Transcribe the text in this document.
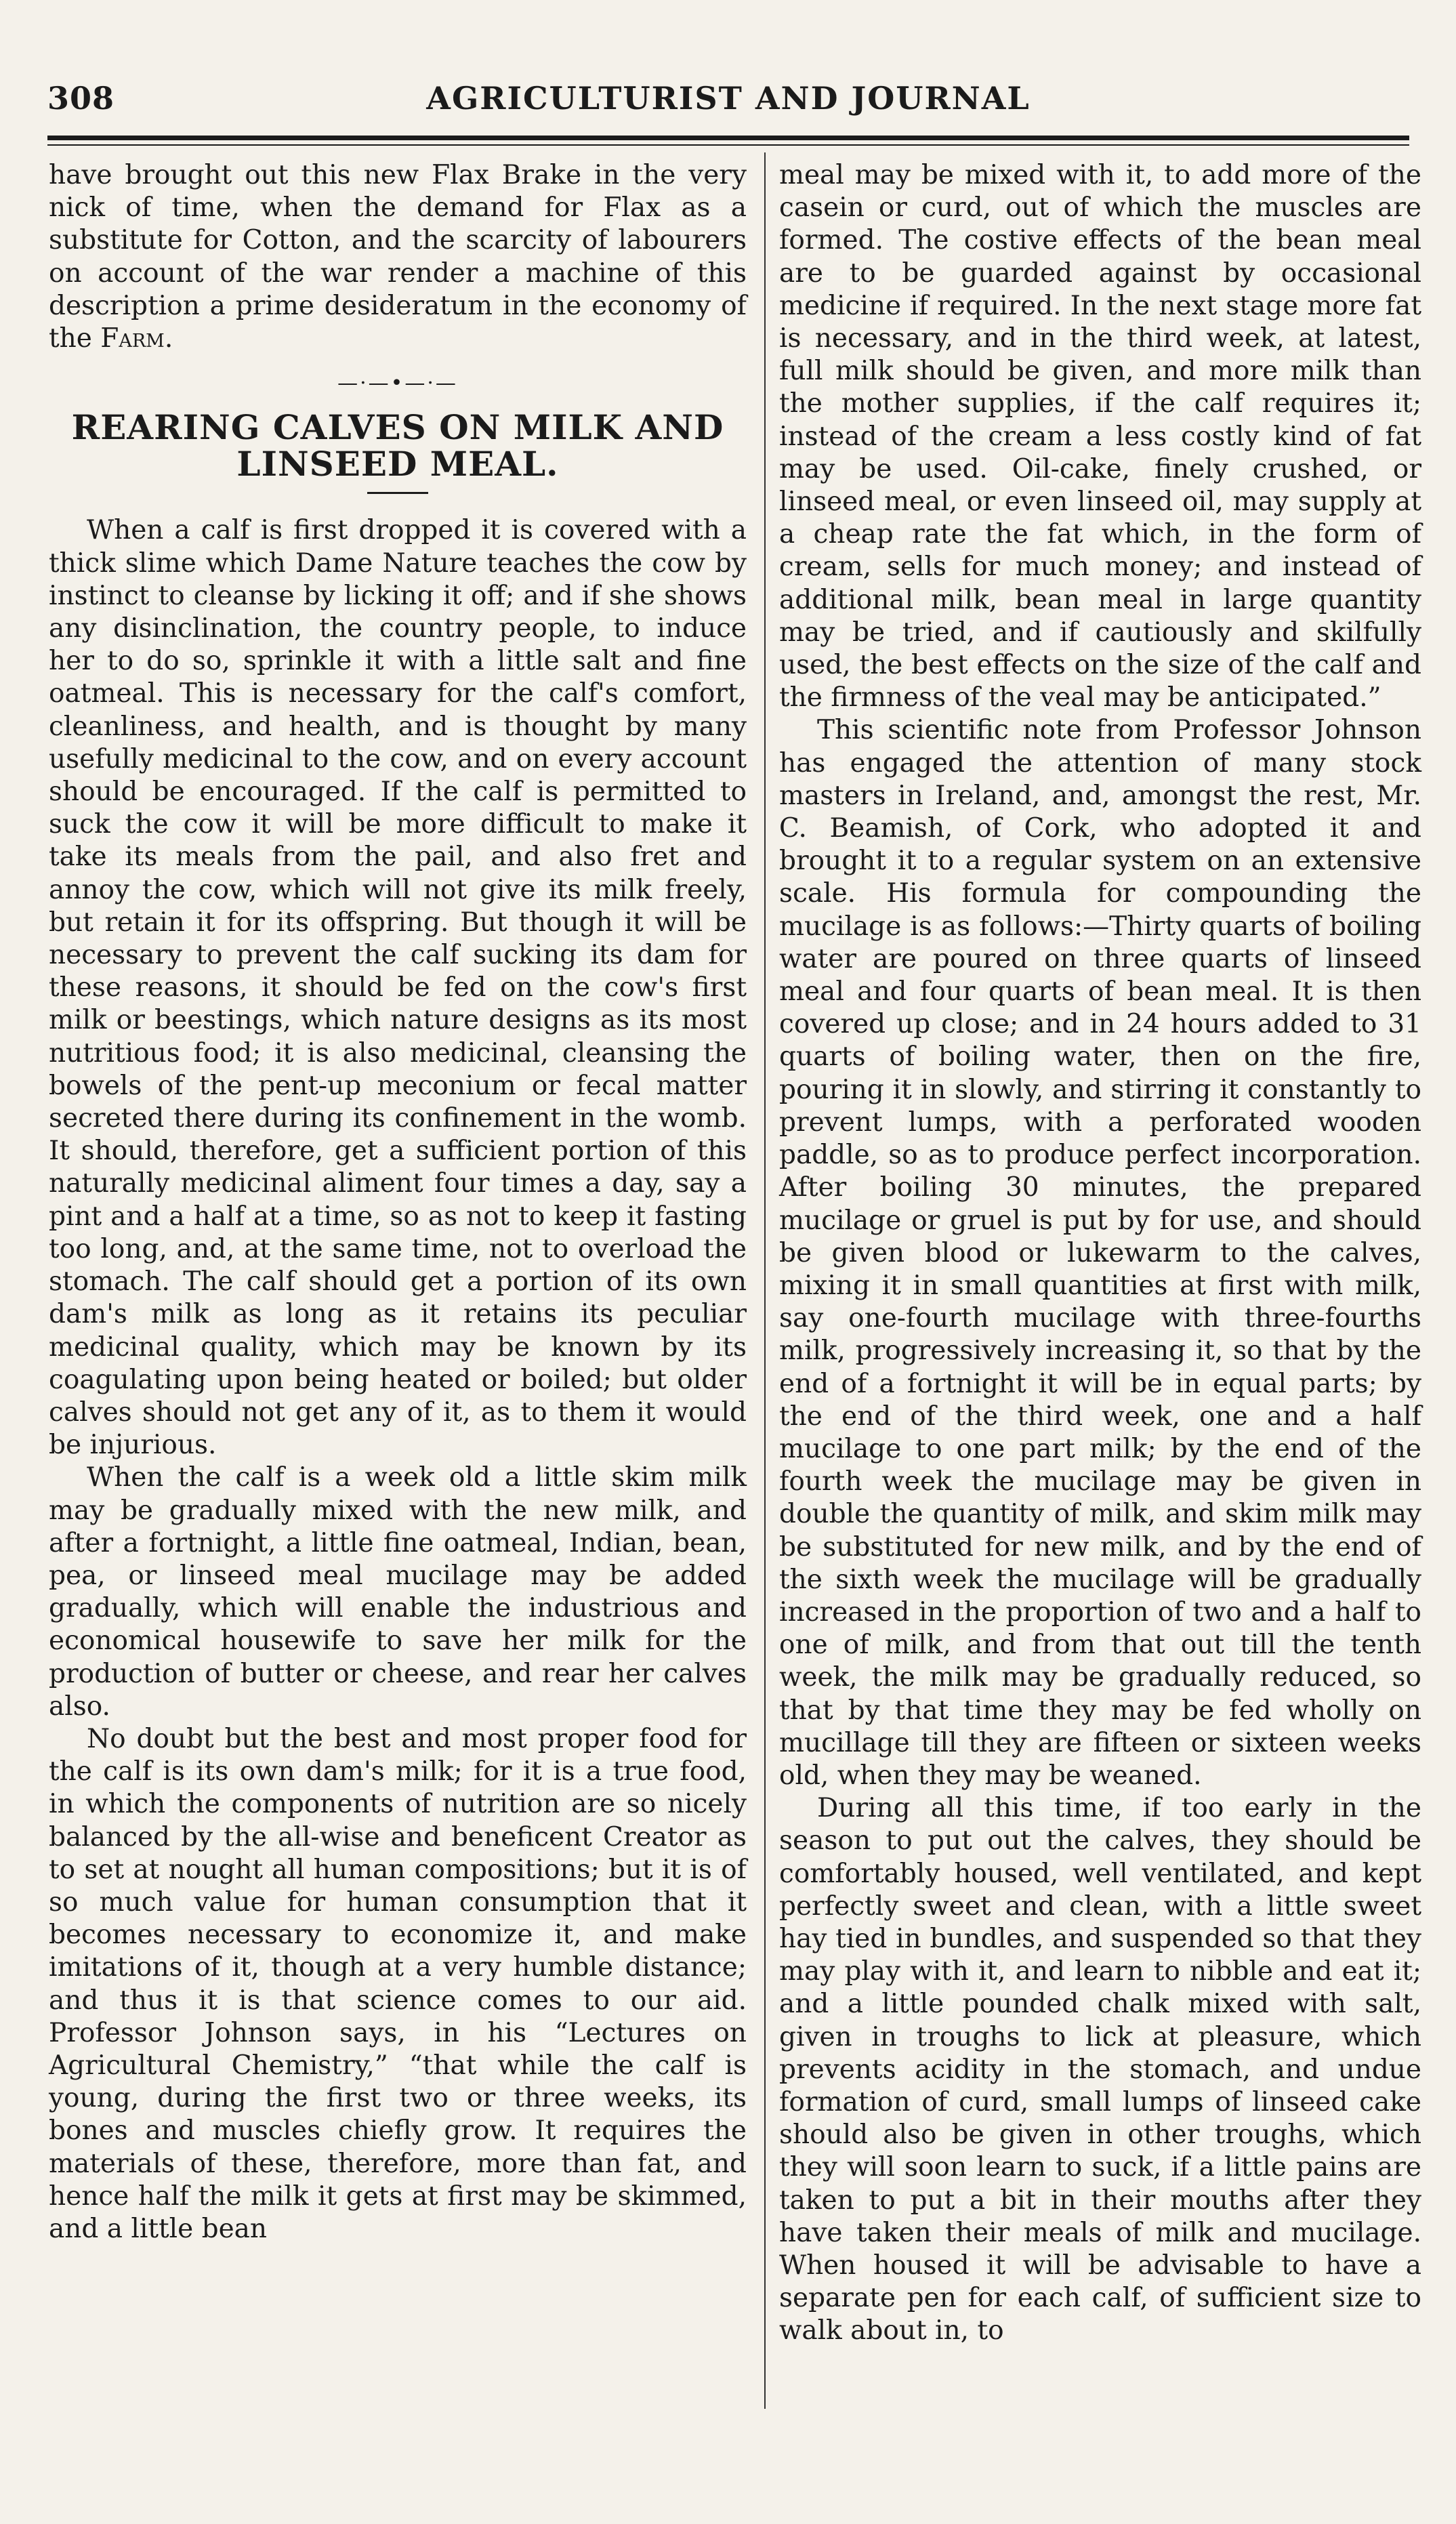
308	AGRICULTURIST AND JOURNAL

have brought out this new Flax Brake in the very nick of time, when the demand for Flax as a substitute for Cotton, and the scarcity of labourers on account of the war render a machine of this description a prime desideratum in the economy of the Farm.

—·—•—·—
REARING CALVES ON MILK AND
LINSEED MEAL.

When a calf is first dropped it is covered with a thick slime which Dame Nature teaches the cow by instinct to cleanse by licking it off; and if she shows any disinclination, the country people, to induce her to do so, sprinkle it with a little salt and fine oatmeal. This is necessary for the calf's comfort, cleanliness, and health, and is thought by many usefully medicinal to the cow, and on every account should be encouraged. If the calf is permitted to suck the cow it will be more difficult to make it take its meals from the pail, and also fret and annoy the cow, which will not give its milk freely, but retain it for its offspring. But though it will be necessary to prevent the calf sucking its dam for these reasons, it should be fed on the cow's first milk or beestings, which nature designs as its most nutritious food; it is also medicinal, cleansing the bowels of the pent-up meconium or fecal matter secreted there during its confinement in the womb. It should, therefore, get a sufficient portion of this naturally medicinal aliment four times a day, say a pint and a half at a time, so as not to keep it fasting too long, and, at the same time, not to overload the stomach. The calf should get a portion of its own dam's milk as long as it retains its peculiar medicinal quality, which may be known by its coagulating upon being heated or boiled; but older calves should not get any of it, as to them it would be injurious.

When the calf is a week old a little skim milk may be gradually mixed with the new milk, and after a fortnight, a little fine oatmeal, Indian, bean, pea, or linseed meal mucilage may be added gradually, which will enable the industrious and economical housewife to save her milk for the production of butter or cheese, and rear her calves also.

No doubt but the best and most proper food for the calf is its own dam's milk; for it is a true food, in which the components of nutrition are so nicely balanced by the all-wise and beneficent Creator as to set at nought all human compositions; but it is of so much value for human consumption that it becomes necessary to economize it, and make imitations of it, though at a very humble distance; and thus it is that science comes to our aid. Professor Johnson says, in his “Lectures on Agricultural Chemistry,” “that while the calf is young, during the first two or three weeks, its bones and muscles chiefly grow. It requires the materials of these, therefore, more than fat, and hence half the milk it gets at first may be skimmed, and a little bean

meal may be mixed with it, to add more of the casein or curd, out of which the muscles are formed. The costive effects of the bean meal are to be guarded against by occasional medicine if required. In the next stage more fat is necessary, and in the third week, at latest, full milk should be given, and more milk than the mother supplies, if the calf requires it; instead of the cream a less costly kind of fat may be used. Oil-cake, finely crushed, or linseed meal, or even linseed oil, may supply at a cheap rate the fat which, in the form of cream, sells for much money; and instead of additional milk, bean meal in large quantity may be tried, and if cautiously and skilfully used, the best effects on the size of the calf and the firmness of the veal may be anticipated.”

This scientific note from Professor Johnson has engaged the attention of many stock masters in Ireland, and, amongst the rest, Mr. C. Beamish, of Cork, who adopted it and brought it to a regular system on an extensive scale. His formula for compounding the mucilage is as follows:—Thirty quarts of boiling water are poured on three quarts of linseed meal and four quarts of bean meal. It is then covered up close; and in 24 hours added to 31 quarts of boiling water, then on the fire, pouring it in slowly, and stirring it constantly to prevent lumps, with a perforated wooden paddle, so as to produce perfect incorporation. After boiling 30 minutes, the prepared mucilage or gruel is put by for use, and should be given blood or lukewarm to the calves, mixing it in small quantities at first with milk, say one-fourth mucilage with three-fourths milk, progressively increasing it, so that by the end of a fortnight it will be in equal parts; by the end of the third week, one and a half mucilage to one part milk; by the end of the fourth week the mucilage may be given in double the quantity of milk, and skim milk may be substituted for new milk, and by the end of the sixth week the mucilage will be gradually increased in the proportion of two and a half to one of milk, and from that out till the tenth week, the milk may be gradually reduced, so that by that time they may be fed wholly on mucillage till they are fifteen or sixteen weeks old, when they may be weaned.

During all this time, if too early in the season to put out the calves, they should be comfortably housed, well ventilated, and kept perfectly sweet and clean, with a little sweet hay tied in bundles, and suspended so that they may play with it, and learn to nibble and eat it; and a little pounded chalk mixed with salt, given in troughs to lick at pleasure, which prevents acidity in the stomach, and undue formation of curd, small lumps of linseed cake should also be given in other troughs, which they will soon learn to suck, if a little pains are taken to put a bit in their mouths after they have taken their meals of milk and mucilage. When housed it will be advisable to have a separate pen for each calf, of sufficient size to walk about in, to
